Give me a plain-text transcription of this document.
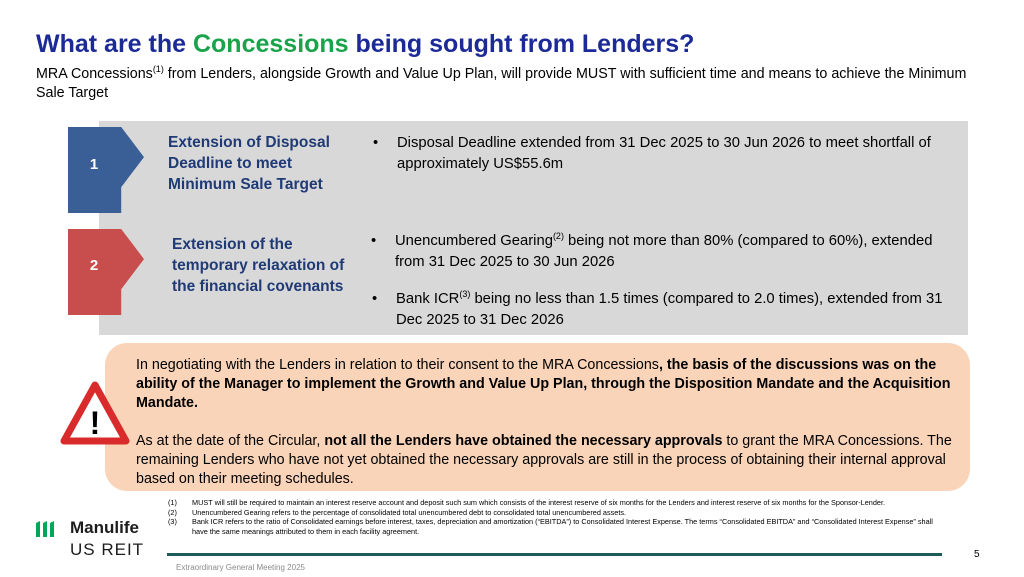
What are the Concessions being sought from Lenders?
MRA Concessions$^{(1)}$ from Lenders, alongside Growth and Value Up Plan, will provide MUST with sufficient time and means to achieve the Minimum Sale Target
1
Extension of Disposal Deadline to meet Minimum Sale Target
• Disposal Deadline extended from 31 Dec 2025 to 30 Jun 2026 to meet shortfall of approximately US$55.6m
2
Extension of the temporary relaxation of the financial covenants
• Unencumbered Gearing$^{(2)}$ being not more than 80% (compared to 60%), extended from 31 Dec 2025 to 30 Jun 2026
• Bank ICR$^{(3)}$ being no less than 1.5 times (compared to 2.0 times), extended from 31 Dec 2025 to 31 Dec 2026
!

In negotiating with the Lenders in relation to their consent to the MRA Concessions, the basis of the discussions was on the ability of the Manager to implement the Growth and Value Up Plan, through the Disposition Mandate and the Acquisition Mandate.

As at the date of the Circular, not all the Lenders have obtained the necessary approvals to grant the MRA Concessions. The remaining Lenders who have not yet obtained the necessary approvals are still in the process of obtaining their internal approval based on their meeting schedules.

(1) MUST will still be required to maintain an interest reserve account and deposit such sum which consists of the interest reserve of six months for the Lenders and interest reserve of six months for the Sponsor-Lender.
(2) Unencumbered Gearing refers to the percentage of consolidated total unencumbered debt to consolidated total unencumbered assets.
(3) Bank ICR refers to the ratio of Consolidated earnings before interest, taxes, depreciation and amortization (“EBITDA”) to Consolidated Interest Expense. The terms “Consolidated EBITDA” and “Consolidated Interest Expense” shall have the same meanings attributed to them in each facility agreement.
Manulife
US REIT	5
Extraordinary General Meeting 2025
